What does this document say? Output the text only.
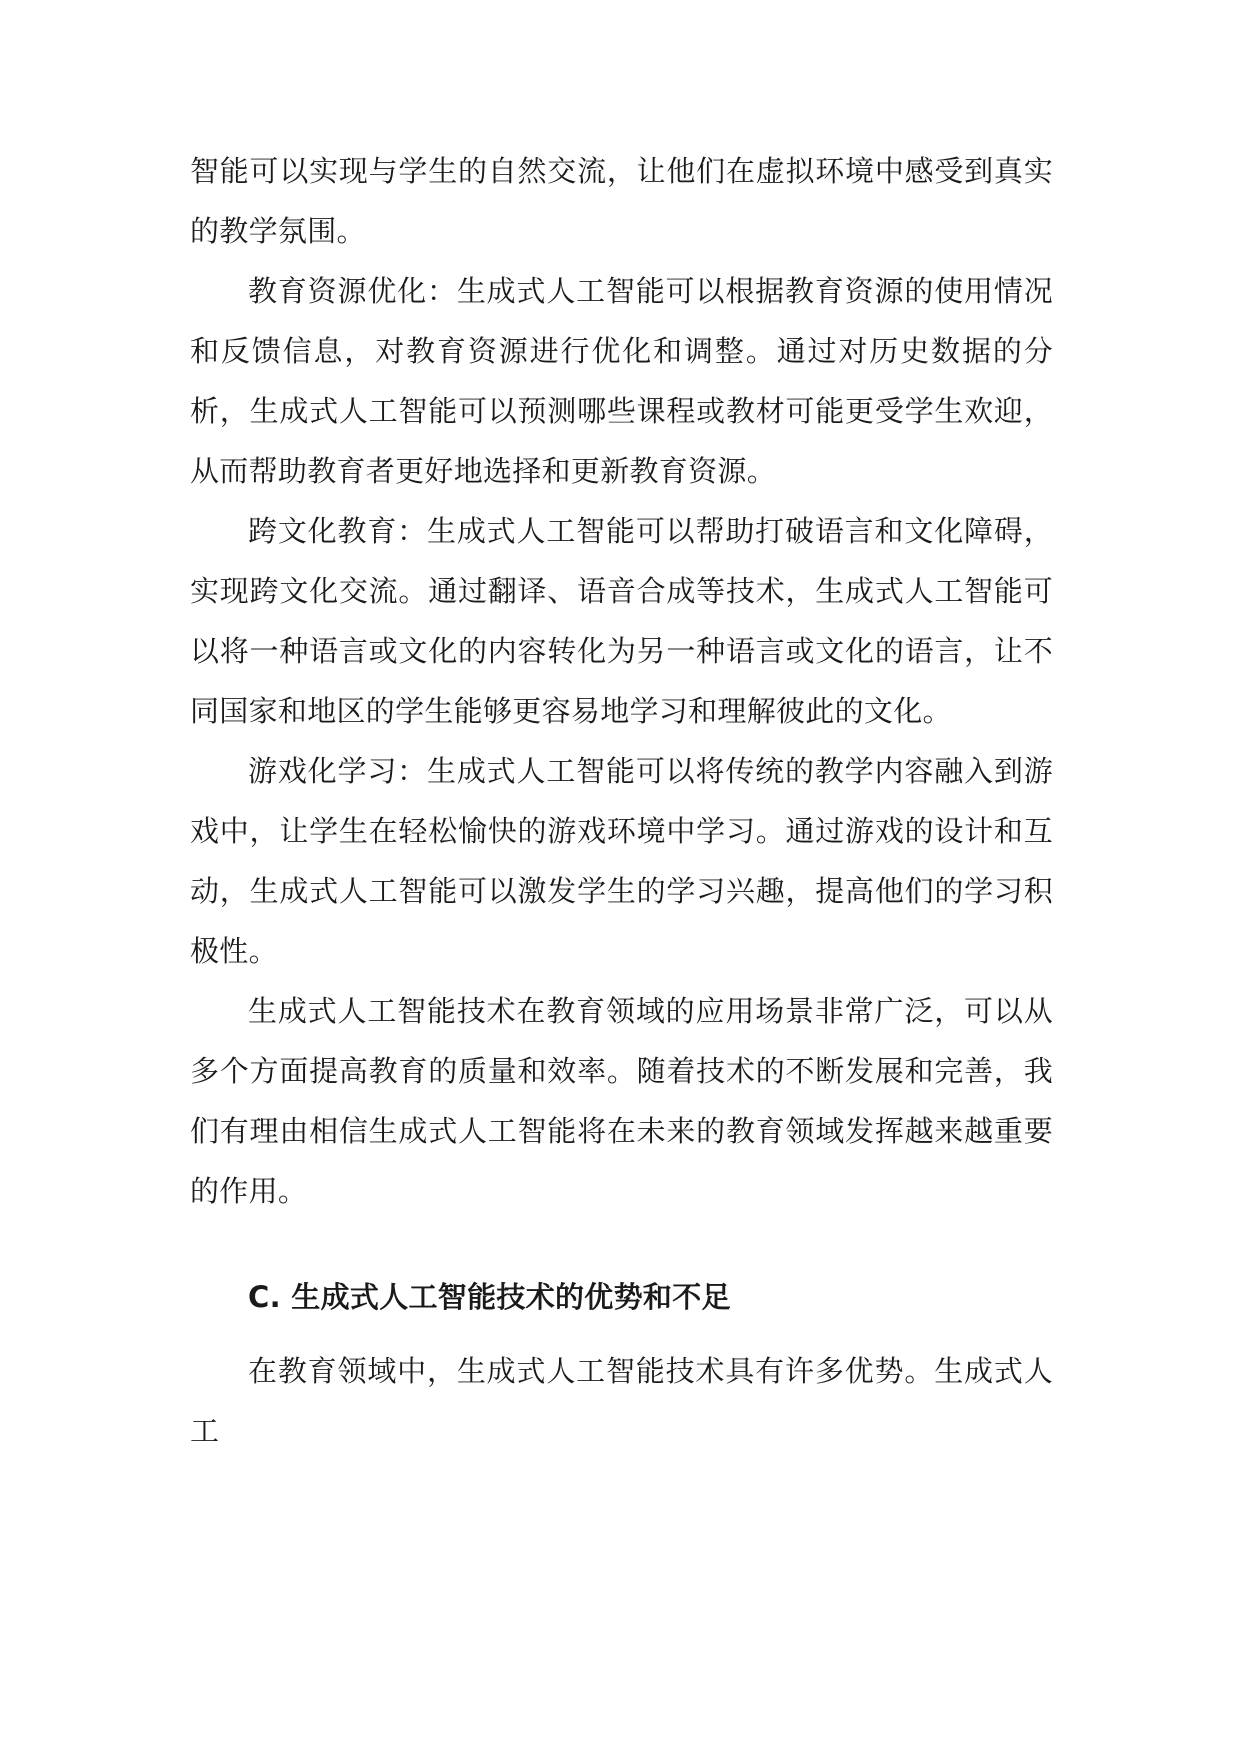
智能可以实现与学生的自然交流，让他们在虚拟环境中感受到真实的教学氛围。

教育资源优化：生成式人工智能可以根据教育资源的使用情况和反馈信息，对教育资源进行优化和调整。通过对历史数据的分析，生成式人工智能可以预测哪些课程或教材可能更受学生欢迎，从而帮助教育者更好地选择和更新教育资源。

跨文化教育：生成式人工智能可以帮助打破语言和文化障碍，实现跨文化交流。通过翻译、语音合成等技术，生成式人工智能可以将一种语言或文化的内容转化为另一种语言或文化的语言，让不同国家和地区的学生能够更容易地学习和理解彼此的文化。

游戏化学习：生成式人工智能可以将传统的教学内容融入到游戏中，让学生在轻松愉快的游戏环境中学习。通过游戏的设计和互动，生成式人工智能可以激发学生的学习兴趣，提高他们的学习积极性。

生成式人工智能技术在教育领域的应用场景非常广泛，可以从多个方面提高教育的质量和效率。随着技术的不断发展和完善，我们有理由相信生成式人工智能将在未来的教育领域发挥越来越重要的作用。

C. 生成式人工智能技术的优势和不足

在教育领域中，生成式人工智能技术具有许多优势。生成式人工
